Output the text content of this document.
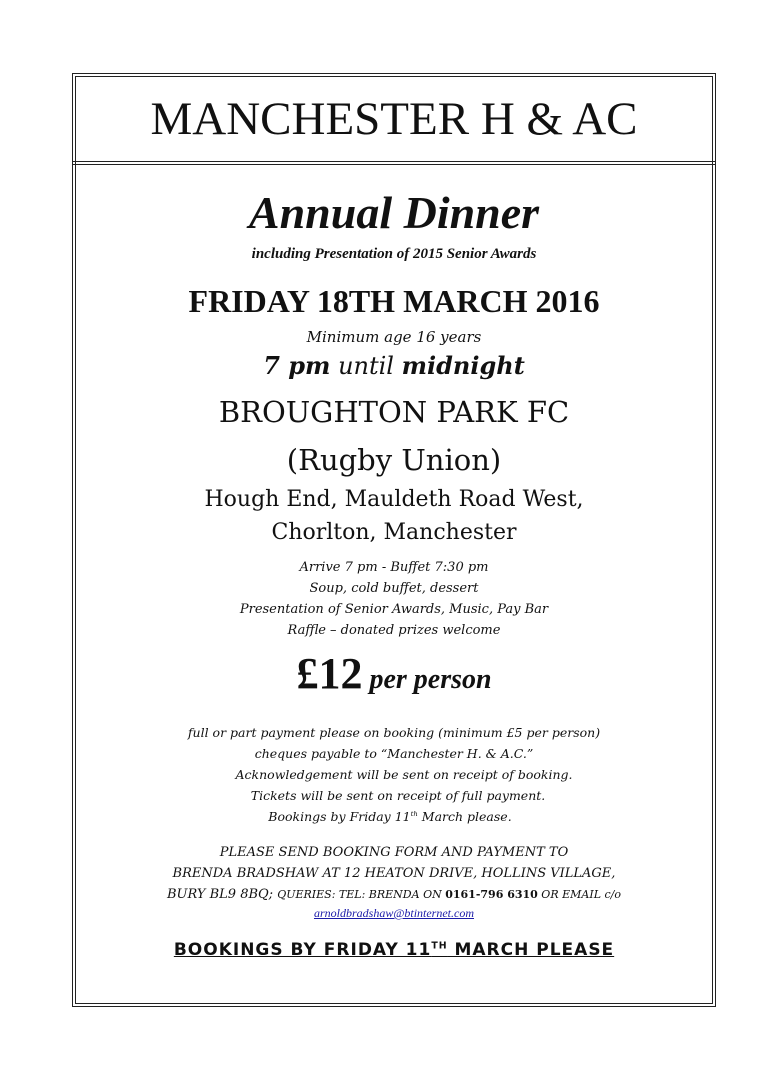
MANCHESTER H & AC
Annual Dinner
including Presentation of 2015 Senior Awards
FRIDAY 18TH MARCH 2016
Minimum age 16 years
7 pm until midnight
BROUGHTON PARK FC
(Rugby Union)
Hough End, Mauldeth Road West,
Chorlton, Manchester
Arrive 7 pm - Buffet 7:30 pm
Soup, cold buffet, dessert
Presentation of Senior Awards, Music, Pay Bar
Raffle – donated prizes welcome
£12 per person
full or part payment please on booking (minimum £5 per person)
cheques payable to “Manchester H. & A.C.”
Acknowledgement will be sent on receipt of booking.
Tickets will be sent on receipt of full payment.
Bookings by Friday 11th March please.
PLEASE SEND BOOKING FORM AND PAYMENT TO
BRENDA BRADSHAW AT 12 HEATON DRIVE, HOLLINS VILLAGE,
BURY BL9 8BQ; QUERIES: TEL: BRENDA ON 0161-796 6310 OR EMAIL c/o
arnoldbradshaw@btinternet.com
BOOKINGS BY FRIDAY 11TH MARCH PLEASE
